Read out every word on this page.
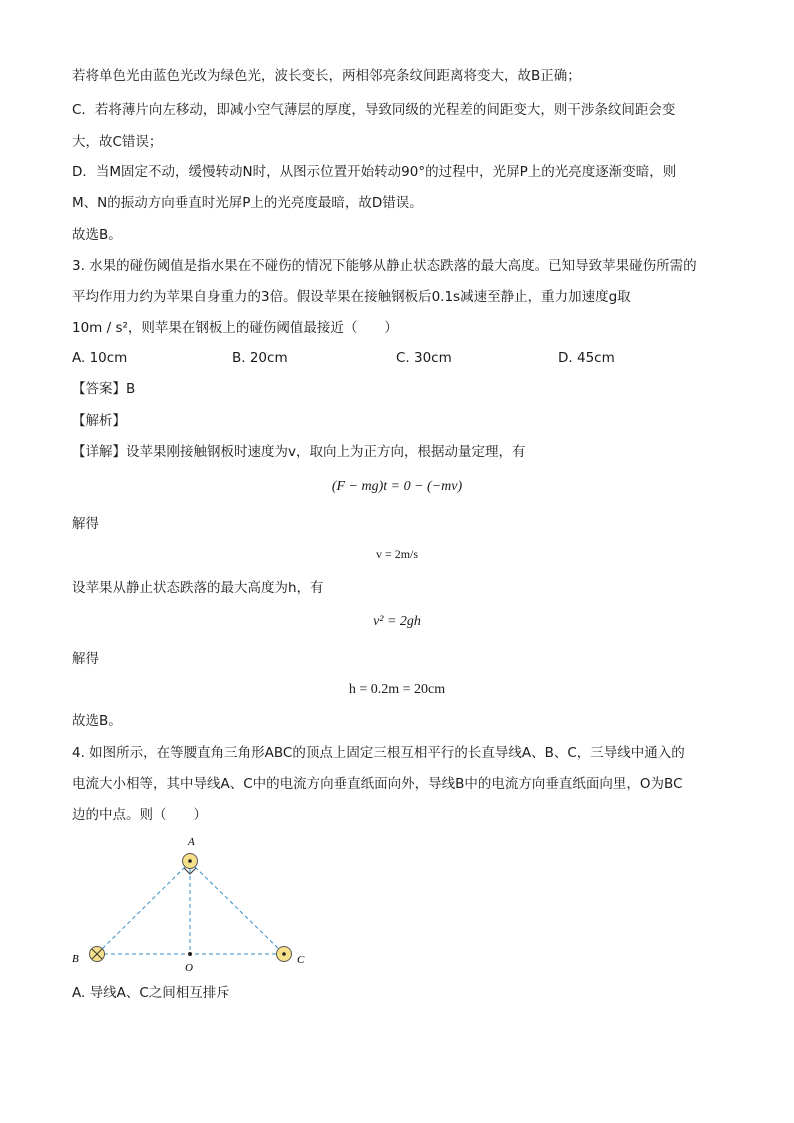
若将单色光由蓝色光改为绿色光，波长变长，两相邻亮条纹间距离将变大，故B正确；
C．若将薄片向左移动，即减小空气薄层的厚度，导致同级的光程差的间距变大，则干涉条纹间距会变
大，故C错误；
D．当M固定不动，缓慢转动N时，从图示位置开始转动90°的过程中，光屏P上的光亮度逐渐变暗，则
M、N的振动方向垂直时光屏P上的光亮度最暗，故D错误。
故选B。
3. 水果的碰伤阈值是指水果在不碰伤的情况下能够从静止状态跌落的最大高度。已知导致苹果碰伤所需的
平均作用力约为苹果自身重力的3倍。假设苹果在接触钢板后0.1s减速至静止，重力加速度g取
10m / s²，则苹果在钢板上的碰伤阈值最接近（　　）
A. 10cm	B. 20cm	C. 30cm	D. 45cm
【答案】B
【解析】
【详解】设苹果刚接触钢板时速度为v，取向上为正方向，根据动量定理，有
(F − mg)t = 0 − (−mv)
解得
v = 2m/s
设苹果从静止状态跌落的最大高度为h，有
v² = 2gh
解得
h = 0.2m = 20cm
故选B。
4. 如图所示，在等腰直角三角形ABC的顶点上固定三根互相平行的长直导线A、B、C，三导线中通入的
电流大小相等，其中导线A、C中的电流方向垂直纸面向外，导线B中的电流方向垂直纸面向里，O为BC
边的中点。则（　　）
A
B	C
O
A. 导线A、C之间相互排斥
